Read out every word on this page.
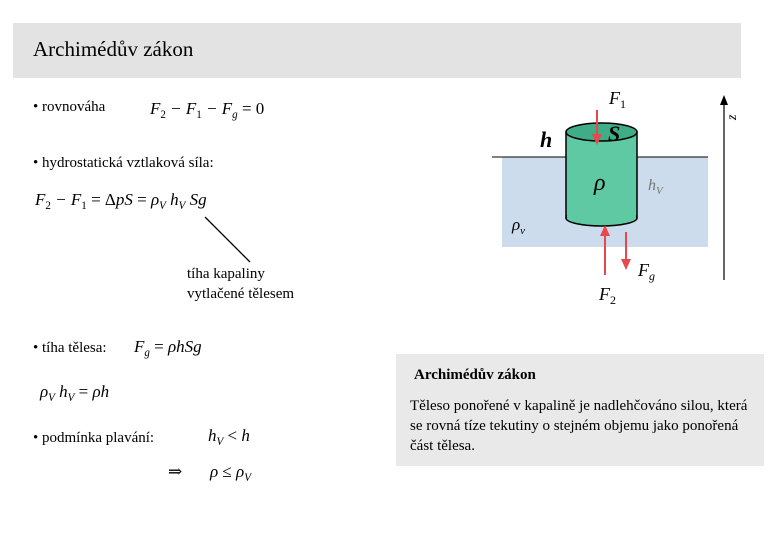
Archimédův zákon
• rovnováha	$F_2 - F_1 - F_g = 0$
• hydrostatická vztlaková síla:
$F_2 - F_1 = \Delta pS = \rho_V$ $h_V$ Sg
tíha kapaliny
vytlačené tělesem
• tíha tělesa: $F_g = \rho hSg$
$\rho_V$ $h_V = \rho h$
• podmínka plavání:	$h_V < h$
⇒ $\rho \le \rho_V$
$F_1$
$F_2$
$F_g$
h	S
ρ	$h_V$
$\rho_v$
z
Archimédův zákon
Těleso ponořené v kapalině je nadlehčováno silou, která se rovná tíze tekutiny o stejném objemu jako ponořená část tělesa.
